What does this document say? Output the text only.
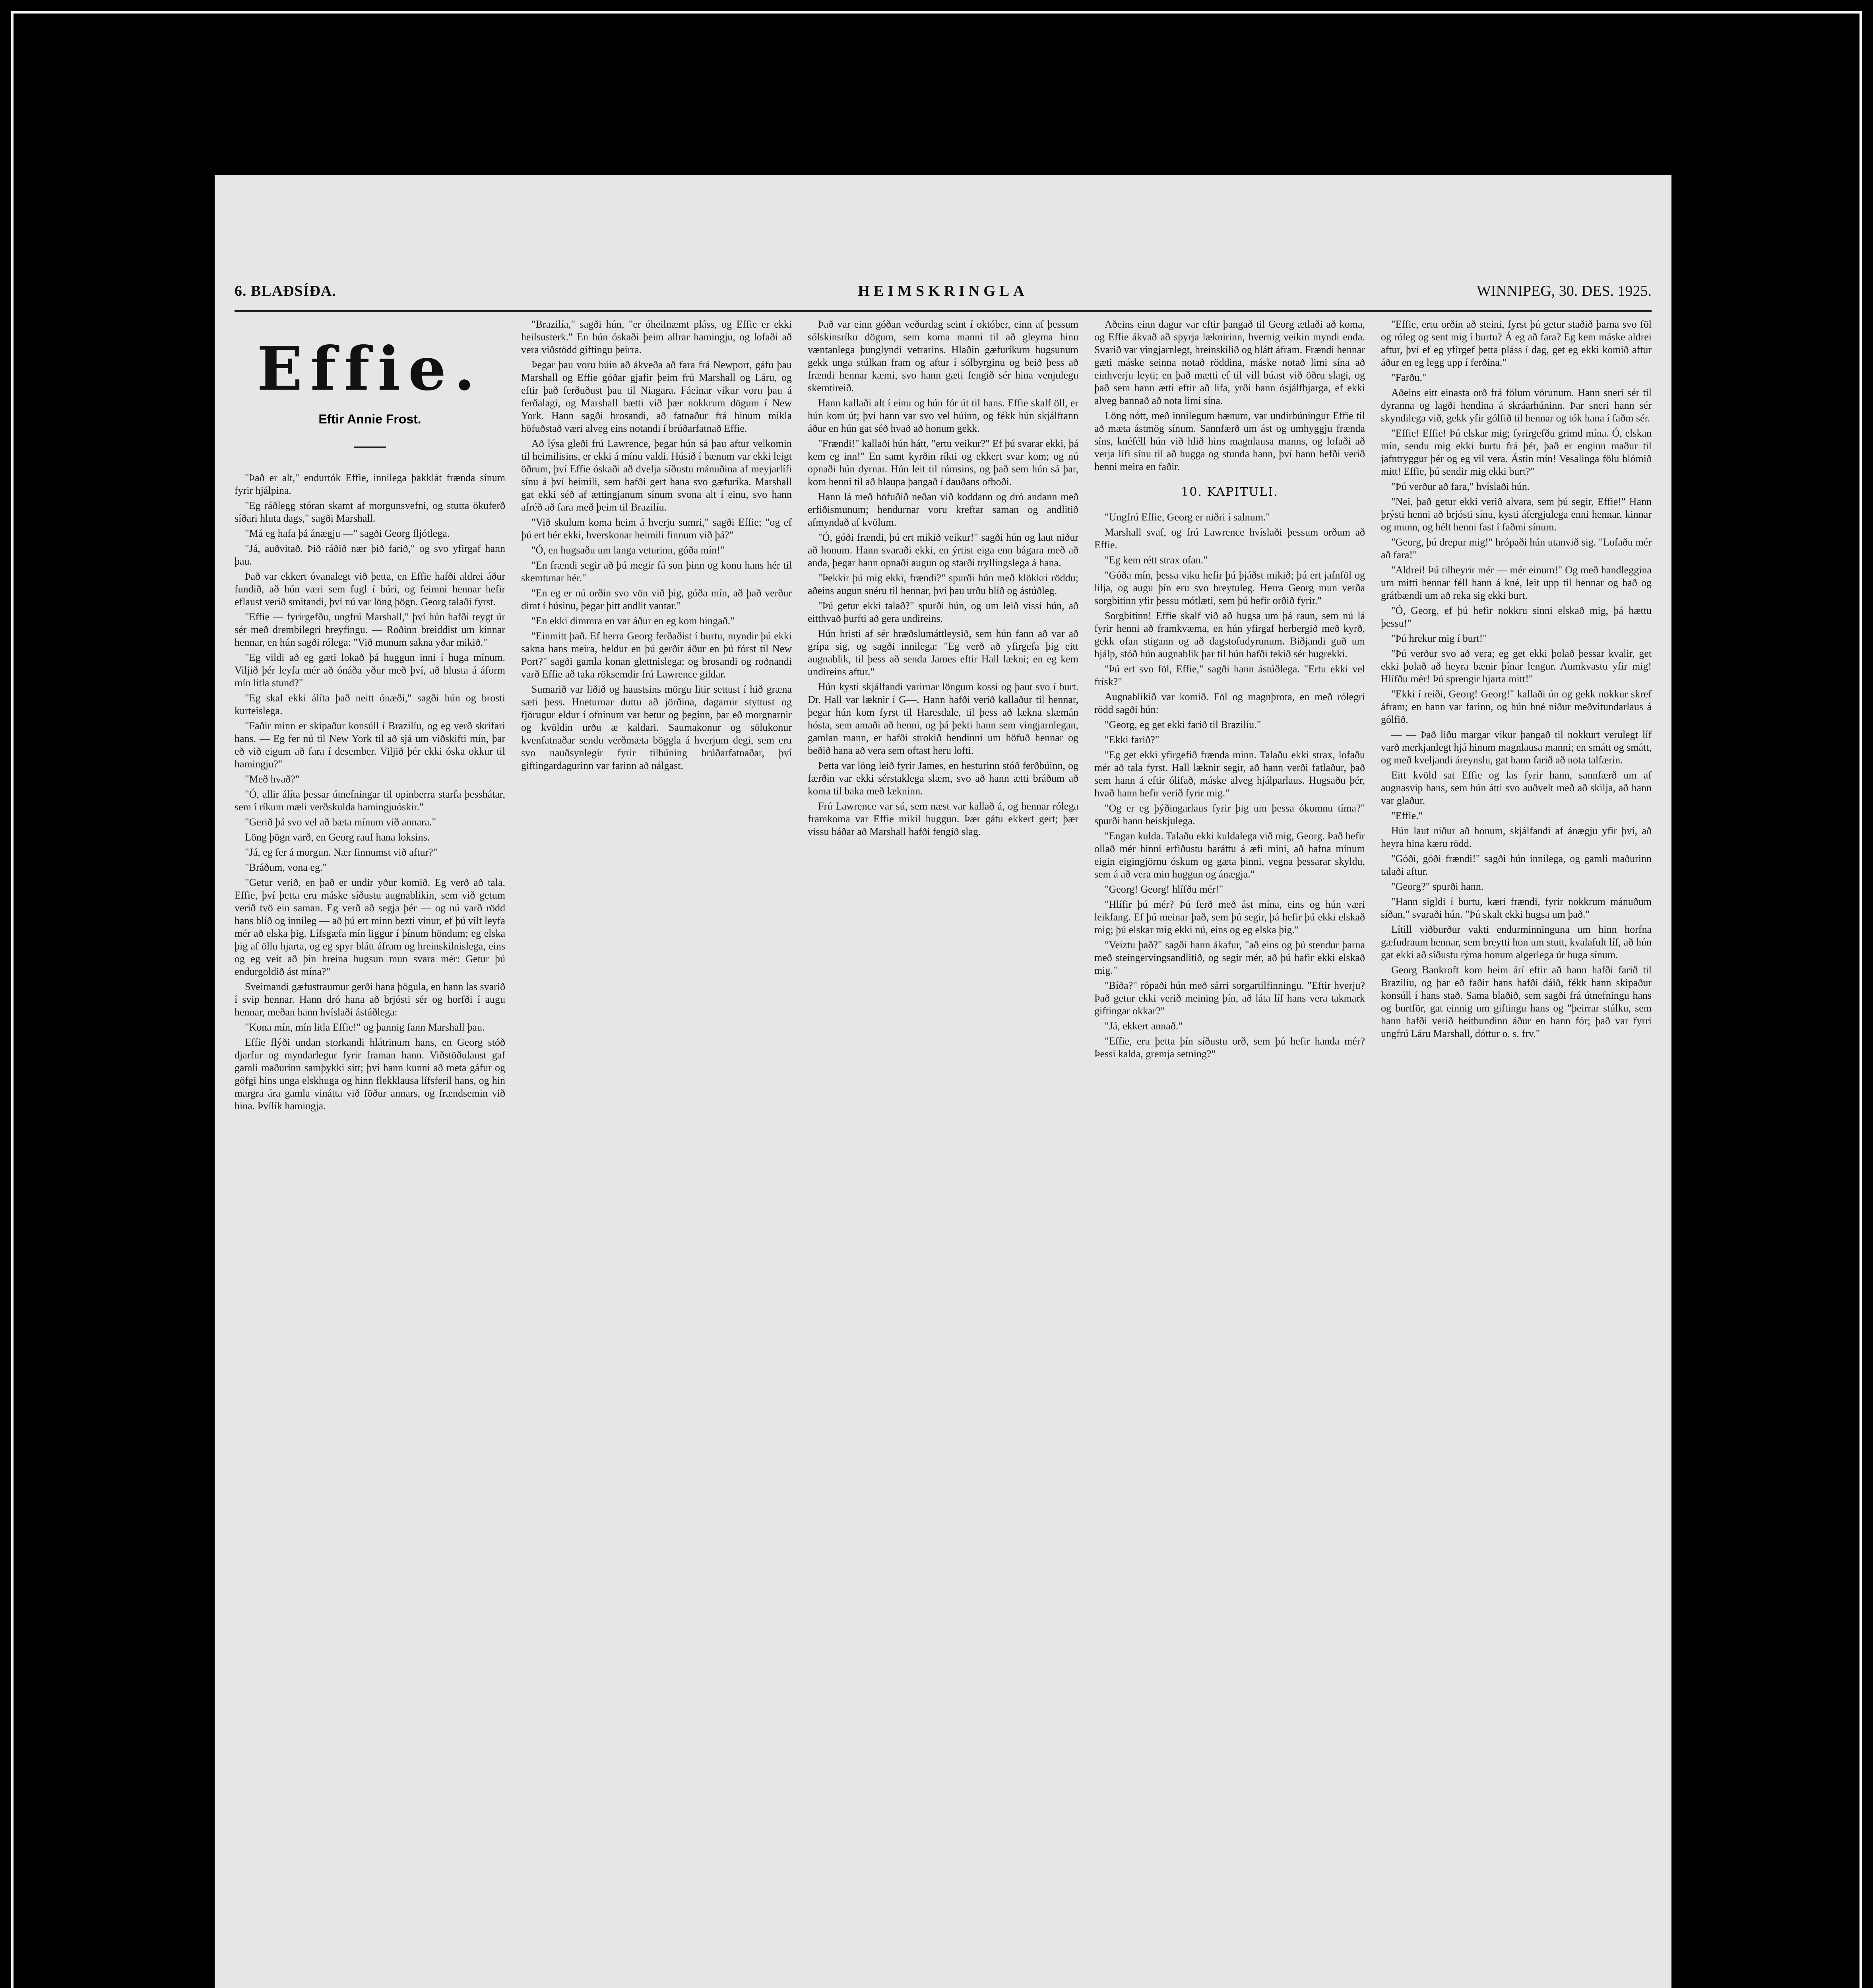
6. BLAÐSÍÐA.	HEIMSKRINGLA	WINNIPEG, 30. DES. 1925.
Effie.
Eftir Annie Frost.

"Það er alt," endurtók Effie, innilega þakklát frænda sínum fyrir hjálpina.

"Eg ráðlegg stóran skamt af morgunsvefni, og stutta ökuferð síðari hluta dags," sagði Marshall.

"Má eg hafa þá ánægju —" sagði Georg fljótlega.

"Já, auðvitað. Þið ráðið nær þið farið," og svo yfirgaf hann þau.

Það var ekkert óvanalegt við þetta, en Effie hafði aldrei áður fundið, að hún væri sem fugl í búri, og feimni hennar hefir eflaust verið smitandi, því nú var löng þögn. Georg talaði fyrst.

"Effie — fyrirgefðu, ungfrú Marshall," því hún hafði teygt úr sér með drembilegri hreyfingu. — Roðinn breiddist um kinnar hennar, en hún sagði rólega: "Við munum sakna yðar mikið."

"Eg vildi að eg gæti lokað þá huggun inni í huga mínum. Viljið þér leyfa mér að ónáða yður með því, að hlusta á áform mín litla stund?"

"Eg skal ekki álíta það neitt ónæði," sagði hún og brosti kurteislega.

"Faðir minn er skipaður konsúll í Brazilíu, og eg verð skrifari hans. — Eg fer nú til New York til að sjá um viðskifti mín, þar eð við eigum að fara í desember. Viljið þér ekki óska okkur til hamingju?"

"Með hvað?"

"Ó, allir álíta þessar útnefningar til opinberra starfa þesshátar, sem í ríkum mæli verðskulda hamingjuóskir."

"Gerið þá svo vel að bæta mínum við annara."

Löng þögn varð, en Georg rauf hana loksins.

"Já, eg fer á morgun. Nær finnumst við aftur?"

"Bráðum, vona eg."

"Getur verið, en það er undir yður komið. Eg verð að tala. Effie, því þetta eru máske síðustu augnablikin, sem við getum verið tvö ein saman. Eg verð að segja þér — og nú varð rödd hans blíð og innileg — að þú ert minn bezti vinur, ef þú vilt leyfa mér að elska þig. Lífsgæfa mín liggur í þínum höndum; eg elska þig af öllu hjarta, og eg spyr blátt áfram og hreinskilnislega, eins og eg veit að þín hreina hugsun mun svara mér: Getur þú endurgoldið ást mína?"

Sveimandi gæfustraumur gerði hana þögula, en hann las svarið í svip hennar. Hann dró hana að brjósti sér og horfði í augu hennar, meðan hann hvíslaði ástúðlega:

"Kona mín, mín litla Effie!" og þannig fann Marshall þau.

Effie flýði undan storkandi hlátrinum hans, en Georg stóð djarfur og myndarlegur fyrir framan hann. Viðstöðulaust gaf gamli maðurinn samþykki sitt; því hann kunni að meta gáfur og göfgi hins unga elskhuga og hinn flekklausa lífsferil hans, og hin margra ára gamla vinátta við föður annars, og frændsemin við hina. Þvílík hamingja.

"Brazilía," sagði hún, "er óheilnæmt pláss, og Effie er ekki heilsusterk." En hún óskaði þeim allrar hamingju, og lofaði að vera viðstödd giftingu þeirra.

Þegar þau voru búin að ákveða að fara frá Newport, gáfu þau Marshall og Effie góðar gjafir þeim frú Marshall og Láru, og eftir það ferðuðust þau til Niagara. Fáeinar vikur voru þau á ferðalagi, og Marshall bætti við þær nokkrum dögum í New York. Hann sagði brosandi, að fatnaður frá hinum mikla höfuðstað væri alveg eins notandi í brúðarfatnað Effie.

Að lýsa gleði frú Lawrence, þegar hún sá þau aftur velkomin til heimilisins, er ekki á mínu valdi. Húsið í bænum var ekki leigt öðrum, því Effie óskaði að dvelja síðustu mánuðina af meyjarlífi sínu á því heimili, sem hafði gert hana svo gæfuríka. Marshall gat ekki séð af ættingjanum sínum svona alt í einu, svo hann afréð að fara með þeim til Brazilíu.

"Við skulum koma heim á hverju sumri," sagði Effie; "og ef þú ert hér ekki, hverskonar heimili finnum við þá?"

"Ó, en hugsaðu um langa veturinn, góða mín!"

"En frændi segir að þú megir fá son þinn og konu hans hér til skemtunar hér."

"En eg er nú orðin svo vön við þig, góða mín, að það verður dimt í húsinu, þegar þitt andlit vantar."

"En ekki dimmra en var áður en eg kom hingað."

"Einmitt það. Ef herra Georg ferðaðist í burtu, myndir þú ekki sakna hans meira, heldur en þú gerðir áður en þú fórst til New Port?" sagði gamla konan glettnislega; og brosandi og roðnandi varð Effie að taka röksemdir frú Lawrence gildar.

Sumarið var liðið og haustsins mörgu litir settust í hið græna sæti þess. Hneturnar duttu að jörðina, dagarnir styttust og fjörugur eldur í ofninum var betur og þeginn, þar eð morgnarnir og kvöldin urðu æ kaldari. Saumakonur og sölukonur kvenfatnaðar sendu verðmæta böggla á hverjum degi, sem eru svo nauðsynlegir fyrir tilbúning brúðarfatnaðar, því giftingardagurinn var farinn að nálgast.

Það var einn góðan veðurdag seint í október, einn af þessum sólskinsríku dögum, sem koma manni til að gleyma hinu væntanlega þunglyndi vetrarins. Hlaðin gæfuríkum hugsunum gekk unga stúlkan fram og aftur í sólbyrginu og beið þess að frændi hennar kæmi, svo hann gæti fengið sér hina venjulegu skemtireið.

Hann kallaði alt í einu og hún fór út til hans. Effie skalf öll, er hún kom út; því hann var svo vel búinn, og fékk hún skjálftann áður en hún gat séð hvað að honum gekk.

"Frændi!" kallaði hún hátt, "ertu veikur?" Ef þú svarar ekki, þá kem eg inn!" En samt kyrðin ríkti og ekkert svar kom; og nú opnaði hún dyrnar. Hún leit til rúmsins, og það sem hún sá þar, kom henni til að hlaupa þangað í dauðans ofboði.

Hann lá með höfuðið neðan við koddann og dró andann með erfiðismunum; hendurnar voru kreftar saman og andlitið afmyndað af kvölum.

"Ó, góði frændi, þú ert mikið veikur!" sagði hún og laut niður að honum. Hann svaraði ekki, en ýrtist eiga enn bágara með að anda, þegar hann opnaði augun og starði tryllingslega á hana.

"Þekkir þú mig ekki, frændi?" spurði hún með klökkri röddu; aðeins augun snéru til hennar, því þau urðu blíð og ástúðleg.

"Þú getur ekki talað?" spurði hún, og um leið vissi hún, að eitthvað þurfti að gera undireins.

Hún hristi af sér hræðslumáttleysið, sem hún fann að var að grípa sig, og sagði innilega: "Eg verð að yfirgefa þig eitt augnablik, til þess að senda James eftir Hall lækni; en eg kem undireins aftur."

Hún kysti skjálfandi varirnar löngum kossi og þaut svo í burt. Dr. Hall var læknir í G—. Hann hafði verið kallaður til hennar, þegar hún kom fyrst til Haresdale, til þess að lækna slæmán hósta, sem amaði að henni, og þá þekti hann sem vingjarnlegan, gamlan mann, er hafði strokið hendinni um höfuð hennar og beðið hana að vera sem oftast heru lofti.

Þetta var löng leið fyrir James, en hesturinn stóð ferðbúinn, og færðin var ekki sérstaklega slæm, svo að hann ætti bráðum að koma til baka með lækninn.

Frú Lawrence var sú, sem næst var kallað á, og hennar rólega framkoma var Effie mikil huggun. Þær gátu ekkert gert; þær vissu báðar að Marshall hafði fengið slag.

Aðeins einn dagur var eftir þangað til Georg ætlaði að koma, og Effie ákvað að spyrja læknirinn, hvernig veikin myndi enda. Svarið var vingjarnlegt, hreinskilið og blátt áfram. Frændi hennar gæti máske seinna notað röddina, máske notað limi sína að einhverju leyti; en það mætti ef til vill búast við öðru slagi, og það sem hann ætti eftir að lifa, yrði hann ósjálfbjarga, ef ekki alveg bannað að nota limi sína.

Löng nótt, með innilegum bænum, var undirbúningur Effie til að mæta ástmög sínum. Sannfærð um ást og umhyggju frænda síns, knéféll hún við hlið hins magnlausa manns, og lofaði að verja lífi sínu til að hugga og stunda hann, því hann hefði verið henni meira en faðir.

10. KAPITULI.

"Ungfrú Effie, Georg er niðri í salnum."

Marshall svaf, og frú Lawrence hvíslaði þessum orðum að Effie.

"Eg kem rétt strax ofan."

"Góða mín, þessa viku hefir þú þjáðst mikið; þú ert jafnföl og lilja, og augu þín eru svo breytuleg. Herra Georg mun verða sorgbitinn yfir þessu mótlæti, sem þú hefir orðið fyrir."

Sorgbitinn! Effie skalf við að hugsa um þá raun, sem nú lá fyrir henni að framkvæma, en hún yfirgaf herbergið með kyrð, gekk ofan stigann og að dagstofudyrunum. Biðjandi guð um hjálp, stóð hún augnablik þar til hún hafði tekið sér hugrekki.

"Þú ert svo föl, Effie," sagði hann ástúðlega. "Ertu ekki vel frísk?"

Augnablikið var komið. Föl og magnþrota, en með rólegri rödd sagði hún:

"Georg, eg get ekki farið til Brazilíu."

"Ekki farið?"

"Eg get ekki yfirgefið frænda minn. Talaðu ekki strax, lofaðu mér að tala fyrst. Hall læknir segir, að hann verði fatlaður, það sem hann á eftir ólifað, máske alveg hjálparlaus. Hugsaðu þér, hvað hann hefir verið fyrir mig."

"Og er eg þýðingarlaus fyrir þig um þessa ókomnu tíma?" spurði hann beiskjulega.

"Engan kulda. Talaðu ekki kuldalega við mig, Georg. Það hefir ollað mér hinni erfiðustu baráttu á æfi mini, að hafna mínum eigin eigingjörnu óskum og gæta þinni, vegna þessarar skyldu, sem á að vera min huggun og ánægja."

"Georg! Georg! hlífðu mér!"

"Hlífir þú mér? Þú ferð með ást mína, eins og hún væri leikfang. Ef þú meinar það, sem þú segir, þá hefir þú ekki elskað mig; þú elskar mig ekki nú, eins og eg elska þig."

"Veiztu það?" sagði hann ákafur, "að eins og þú stendur þarna með steingervingsandlitið, og segir mér, að þú hafir ekki elskað mig."

"Bíða?" rópaði hún með sárri sorgartilfinningu. "Eftir hverju? Það getur ekki verið meining þín, að láta líf hans vera takmark giftingar okkar?"

"Já, ekkert annað."

"Effie, eru þetta þín síðustu orð, sem þú hefir handa mér? Þessi kalda, gremja setning?"

"Effie, ertu orðin að steini, fyrst þú getur staðið þarna svo föl og róleg og sent mig í burtu? Á eg að fara? Eg kem máske aldrei aftur, því ef eg yfirgef þetta pláss í dag, get eg ekki komið aftur áður en eg legg upp í ferðina."

"Farðu."

Aðeins eitt einasta orð frá fölum vörunum. Hann sneri sér til dyranna og lagði hendina á skráarhúninn. Þar sneri hann sér skyndilega við, gekk yfir gólfið til hennar og tók hana í faðm sér.

"Effie! Effie! Þú elskar mig; fyrirgefðu grimd mína. Ó, elskan mín, sendu mig ekki burtu frá þér, það er enginn maður til jafntryggur þér og eg vil vera. Ástin mín! Vesalinga fölu blómið mitt! Effie, þú sendir mig ekki burt?"

"Þú verður að fara," hvíslaði hún.

"Nei, það getur ekki verið alvara, sem þú segir, Effie!" Hann þrýsti henni að brjósti sínu, kysti áfergjulega enni hennar, kinnar og munn, og hélt henni fast í faðmi sínum.

"Georg, þú drepur mig!" hrópaði hún utanvið sig. "Lofaðu mér að fara!"

"Aldrei! Þú tilheyrir mér — mér einum!" Og með handleggina um mitti hennar féll hann á kné, leit upp til hennar og bað og grátbændi um að reka sig ekki burt.

"Ó, Georg, ef þú hefir nokkru sinni elskað mig, þá hættu þessu!"

"Þú hrekur mig í burt!"

"Þú verður svo að vera; eg get ekki þolað þessar kvalir, get ekki þolað að heyra bænir þínar lengur. Aumkvastu yfir mig! Hlífðu mér! Þú sprengir hjarta mitt!"

"Ekki í reiði, Georg! Georg!" kallaði ún og gekk nokkur skref áfram; en hann var farinn, og hún hné niður meðvitundarlaus á gólfið.

— — Það liðu margar vikur þangað til nokkurt verulegt líf varð merkjanlegt hjá hinum magnlausa manni; en smátt og smátt, og með kveljandi áreynslu, gat hann farið að nota talfærin.

Eitt kvöld sat Effie og las fyrir hann, sannfærð um af augnasvip hans, sem hún átti svo auðvelt með að skilja, að hann var glaður.

"Effie."

Hún laut niður að honum, skjálfandi af ánægju yfir því, að heyra hina kæru rödd.

"Góði, góði frændi!" sagði hún innilega, og gamli maðurinn talaði aftur.

"Georg?" spurði hann.

"Hann sigldi í burtu, kæri frændi, fyrir nokkrum mánuðum síðan," svaraði hún. "Þú skalt ekki hugsa um það."

Lítill viðburður vakti endurminninguna um hinn horfna gæfudraum hennar, sem breytti hon um stutt, kvalafult líf, að hún gat ekki að síðustu rýma honum algerlega úr huga sínum.

Georg Bankroft kom heim árí eftir að hann hafði farið til Brazilíu, og þar eð faðir hans hafði dáið, fékk hann skipaður konsúll í hans stað. Sama blaðið, sem sagði frá útnefningu hans og burtför, gat einnig um giftingu hans og "þeirrar stúlku, sem hann hafði verið heitbundinn áður en hann fór; það var fyrri ungfrú Láru Marshall, dóttur o. s. frv."
